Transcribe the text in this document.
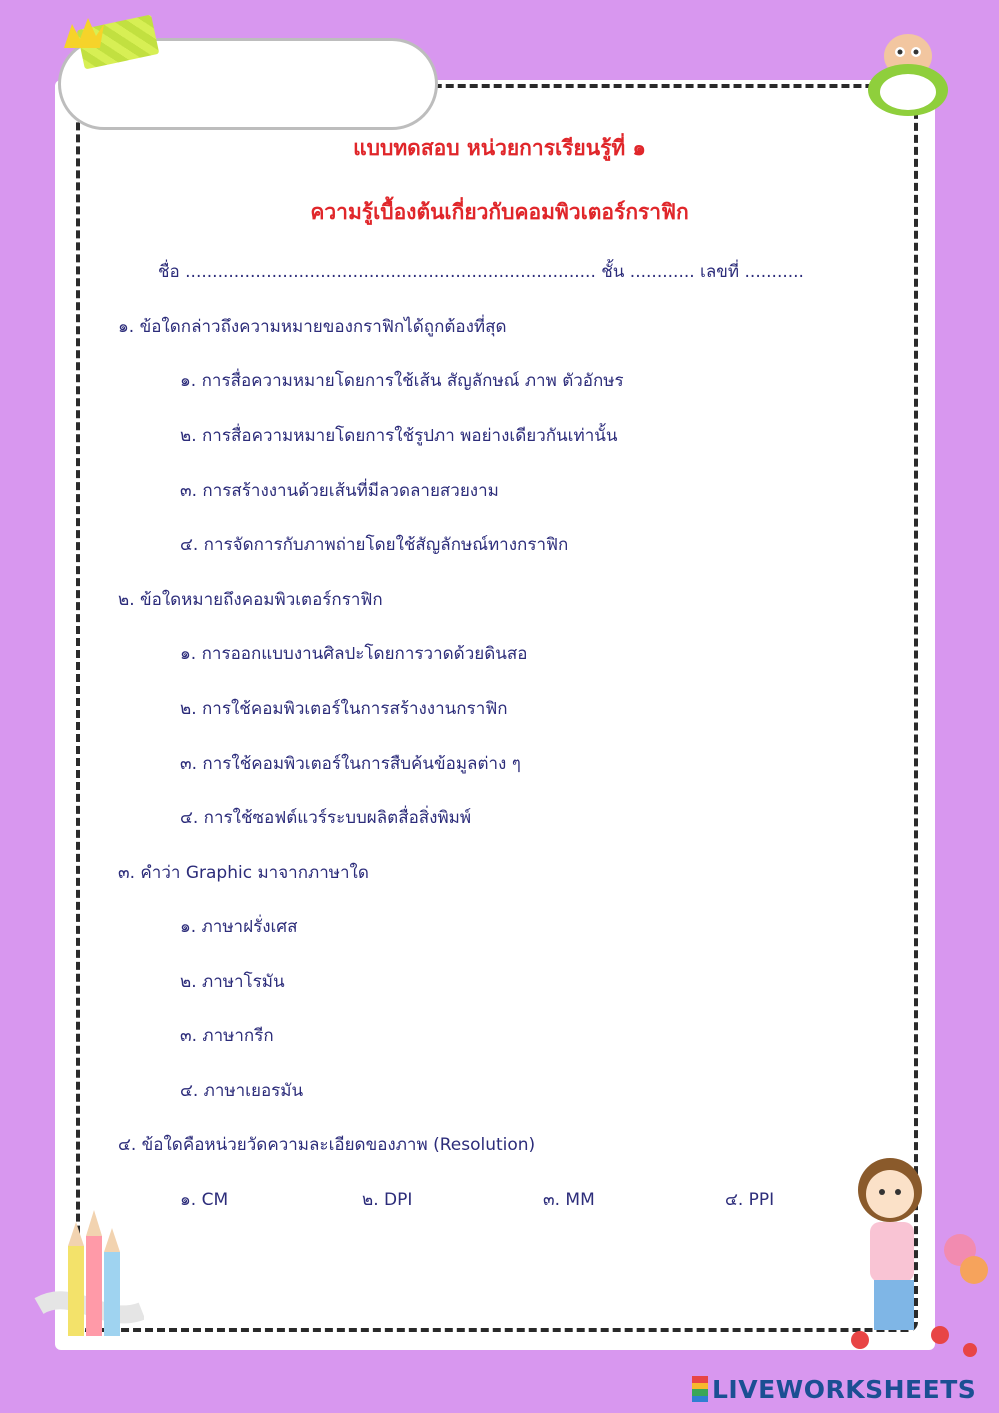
แบบทดสอบ หน่วยการเรียนรู้ที่ ๑
ความรู้เบื้องต้นเกี่ยวกับคอมพิวเตอร์กราฟิก
ชื่อ ............................................................................ ชั้น ............ เลขที่ ...........
๑. ข้อใดกล่าวถึงความหมายของกราฟิกได้ถูกต้องที่สุด
๑. การสื่อความหมายโดยการใช้เส้น สัญลักษณ์ ภาพ ตัวอักษร
๒. การสื่อความหมายโดยการใช้รูปภา พอย่างเดียวกันเท่านั้น
๓. การสร้างงานด้วยเส้นที่มีลวดลายสวยงาม
๔. การจัดการกับภาพถ่ายโดยใช้สัญลักษณ์ทางกราฟิก
๒. ข้อใดหมายถึงคอมพิวเตอร์กราฟิก
๑. การออกแบบงานศิลปะโดยการวาดด้วยดินสอ
๒. การใช้คอมพิวเตอร์ในการสร้างงานกราฟิก
๓. การใช้คอมพิวเตอร์ในการสืบค้นข้อมูลต่าง ๆ
๔. การใช้ซอฟต์แวร์ระบบผลิตสื่อสิ่งพิมพ์
๓. คำว่า Graphic มาจากภาษาใด
๑. ภาษาฝรั่งเศส
๒. ภาษาโรมัน
๓. ภาษากรีก
๔. ภาษาเยอรมัน
๔. ข้อใดคือหน่วยวัดความละเอียดของภาพ (Resolution)
๑. CM	๒. DPI	๓. MM	๔. PPI
LIVEWORKSHEETS
